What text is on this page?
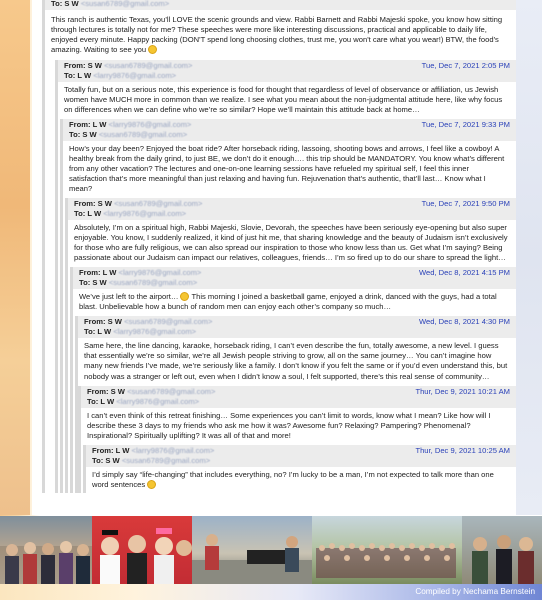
To: S W <susan6789@gmail.com>
This ranch is authentic Texas, you’ll LOVE the scenic grounds and view. Rabbi Barnett and Rabbi Majeski spoke, you know how sitting through lectures is totally not for me? These speeches were more like interesting discussions, practical and applicable to daily life, enjoyed every minute. Happy packing (DON'T spend long choosing clothes, trust me, you won't care what you wear!) BTW, the food's amazing. Waiting to see you
From: S W <susan6789@gmail.com>	Tue, Dec 7, 2021 2:05 PM
To: L W <larry9876@gmail.com>
Totally fun, but on a serious note, this experience is food for thought that regardless of level of observance or affiliation, us Jewish women have MUCH more in common than we realize. I see what you mean about the non-judgmental attitude here, like why focus on differences when we can define who we’re so similar? Hope we’ll maintain this attitude back at home…
From: L W <larry9876@gmail.com>	Tue, Dec 7, 2021 9:33 PM
To: S W <susan6789@gmail.com>
How’s your day been? Enjoyed the boat ride? After horseback riding, lassoing, shooting bows and arrows, I feel like a cowboy! A healthy break from the daily grind, to just BE, we don’t do it enough…. this trip should be MANDATORY. You know what’s different from any other vacation? The lectures and one-on-one learning sessions have refueled my spiritual self, I feel this inner satisfaction that’s more meaningful than just relaxing and having fun. Rejuvenation that’s authentic, that’ll last… Know what I mean?
From: S W <susan6789@gmail.com>	Tue, Dec 7, 2021 9:50 PM
To: L W <larry9876@gmail.com>
Absolutely, I’m on a spiritual high, Rabbi Majeski, Slovie, Devorah, the speeches have been seriously eye-opening but also super enjoyable. You know, I suddenly realized, it kind of just hit me, that sharing knowledge and the beauty of Judaism isn’t exclusively for those who are fully religious, we can also spread our inspiration to those who know less than us. Get what I’m saying? Being passionate about our Judaism can impact our relatives, colleagues, friends… I’m so fired up to do our share to spread the light…
From: L W <larry9876@gmail.com>	Wed, Dec 8, 2021 4:15 PM
To: S W <susan6789@gmail.com>
We’ve just left to the airport… This morning I joined a basketball game, enjoyed a drink, danced with the guys, had a total blast. Unbelievable how a bunch of random men can enjoy each other’s company so much…
From: S W <susan6789@gmail.com>	Wed, Dec 8, 2021 4:30 PM
To: L W <larry9876@gmail.com>
Same here, the line dancing, karaoke, horseback riding, I can’t even describe the fun, totally awesome, a new level. I guess that essentially we’re so similar, we’re all Jewish people striving to grow, all on the same journey… You can’t imagine how many new friends I’ve made, we’re seriously like a family. I don’t know if you felt the same or if you’d even understand this, but nobody was a stranger or left out, even when I didn’t know a soul, I felt supported, there’s this real sense of community…
From: S W <susan6789@gmail.com>	Thur, Dec 9, 2021 10:21 AM
To: L W <larry9876@gmail.com>
I can’t even think of this retreat finishing… Some experiences you can’t limit to words, know what I mean? Like how will I describe these 3 days to my friends who ask me how it was? Awesome fun? Relaxing? Pampering? Phenomenal? Inspirational? Spiritually uplifting? It was all of that and more!
From: L W <larry9876@gmail.com>	Thur, Dec 9, 2021 10:25 AM
To: S W <susan6789@gmail.com>
I’d simply say “life-changing” that includes everything, no? I’m lucky to be a man, I’m not expected to talk more than one word sentences
Compiled by Nechama Bernstein
